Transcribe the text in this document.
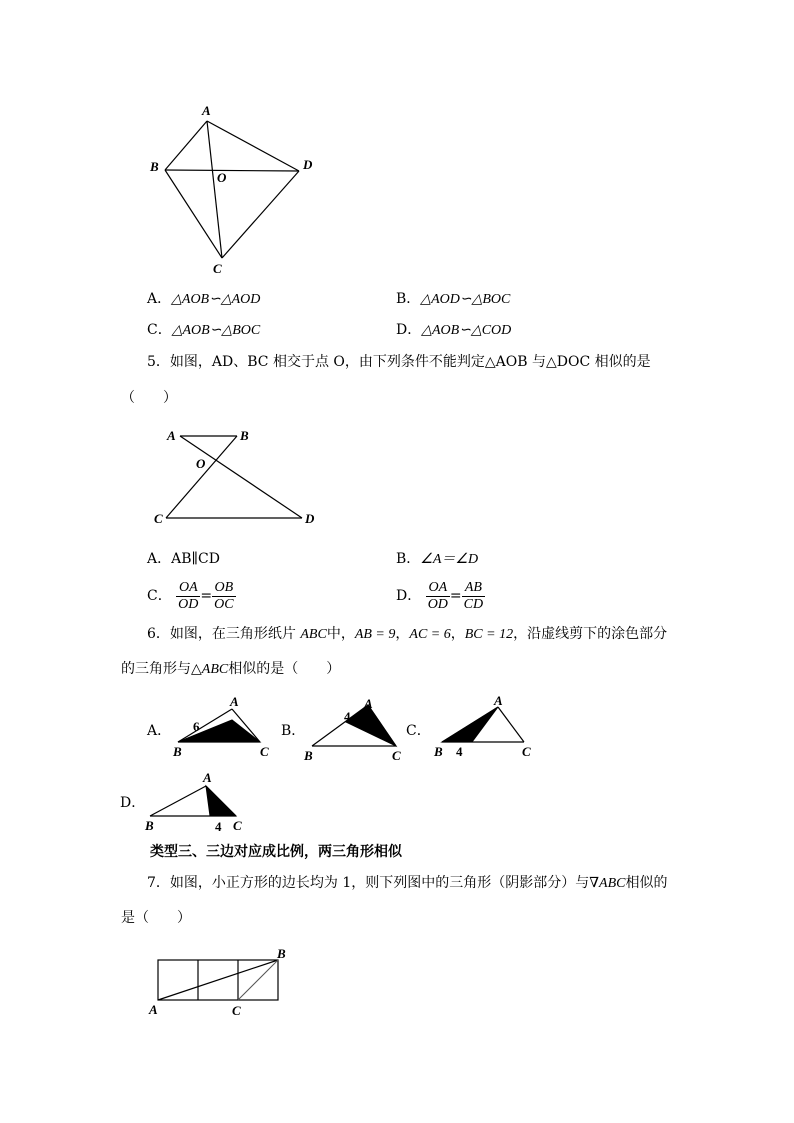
A
B
O
D
C
A．△AOB∽△AOD	B．△AOD∽△BOC
C．△AOB∽△BOC	D．△AOB∽△COD
5．如图，AD、BC 相交于点 O，由下列条件不能判定△AOB 与△DOC 相似的是
（　　）
A	B
O
C	D
A．AB∥CD	B．∠A＝∠D
C． $\frac{OA}{OD} = \frac{OB}{OC}$	D． $\frac{OA}{OD} = \frac{AB}{CD}$
6．如图，在三角形纸片 ABC中，AB = 9，AC = 6，BC = 12，沿虚线剪下的涂色部分
的三角形与△ABC相似的是（　　）
A．
A
6
B	C
B．
A
4
B	C
C．
A
B 4	C
D．
A
B	4 C
类型三、三边对应成比例，两三角形相似
7．如图，小正方形的边长均为 1，则下列图中的三角形（阴影部分）与∇ABC相似的
是（　　）
B
A	C
